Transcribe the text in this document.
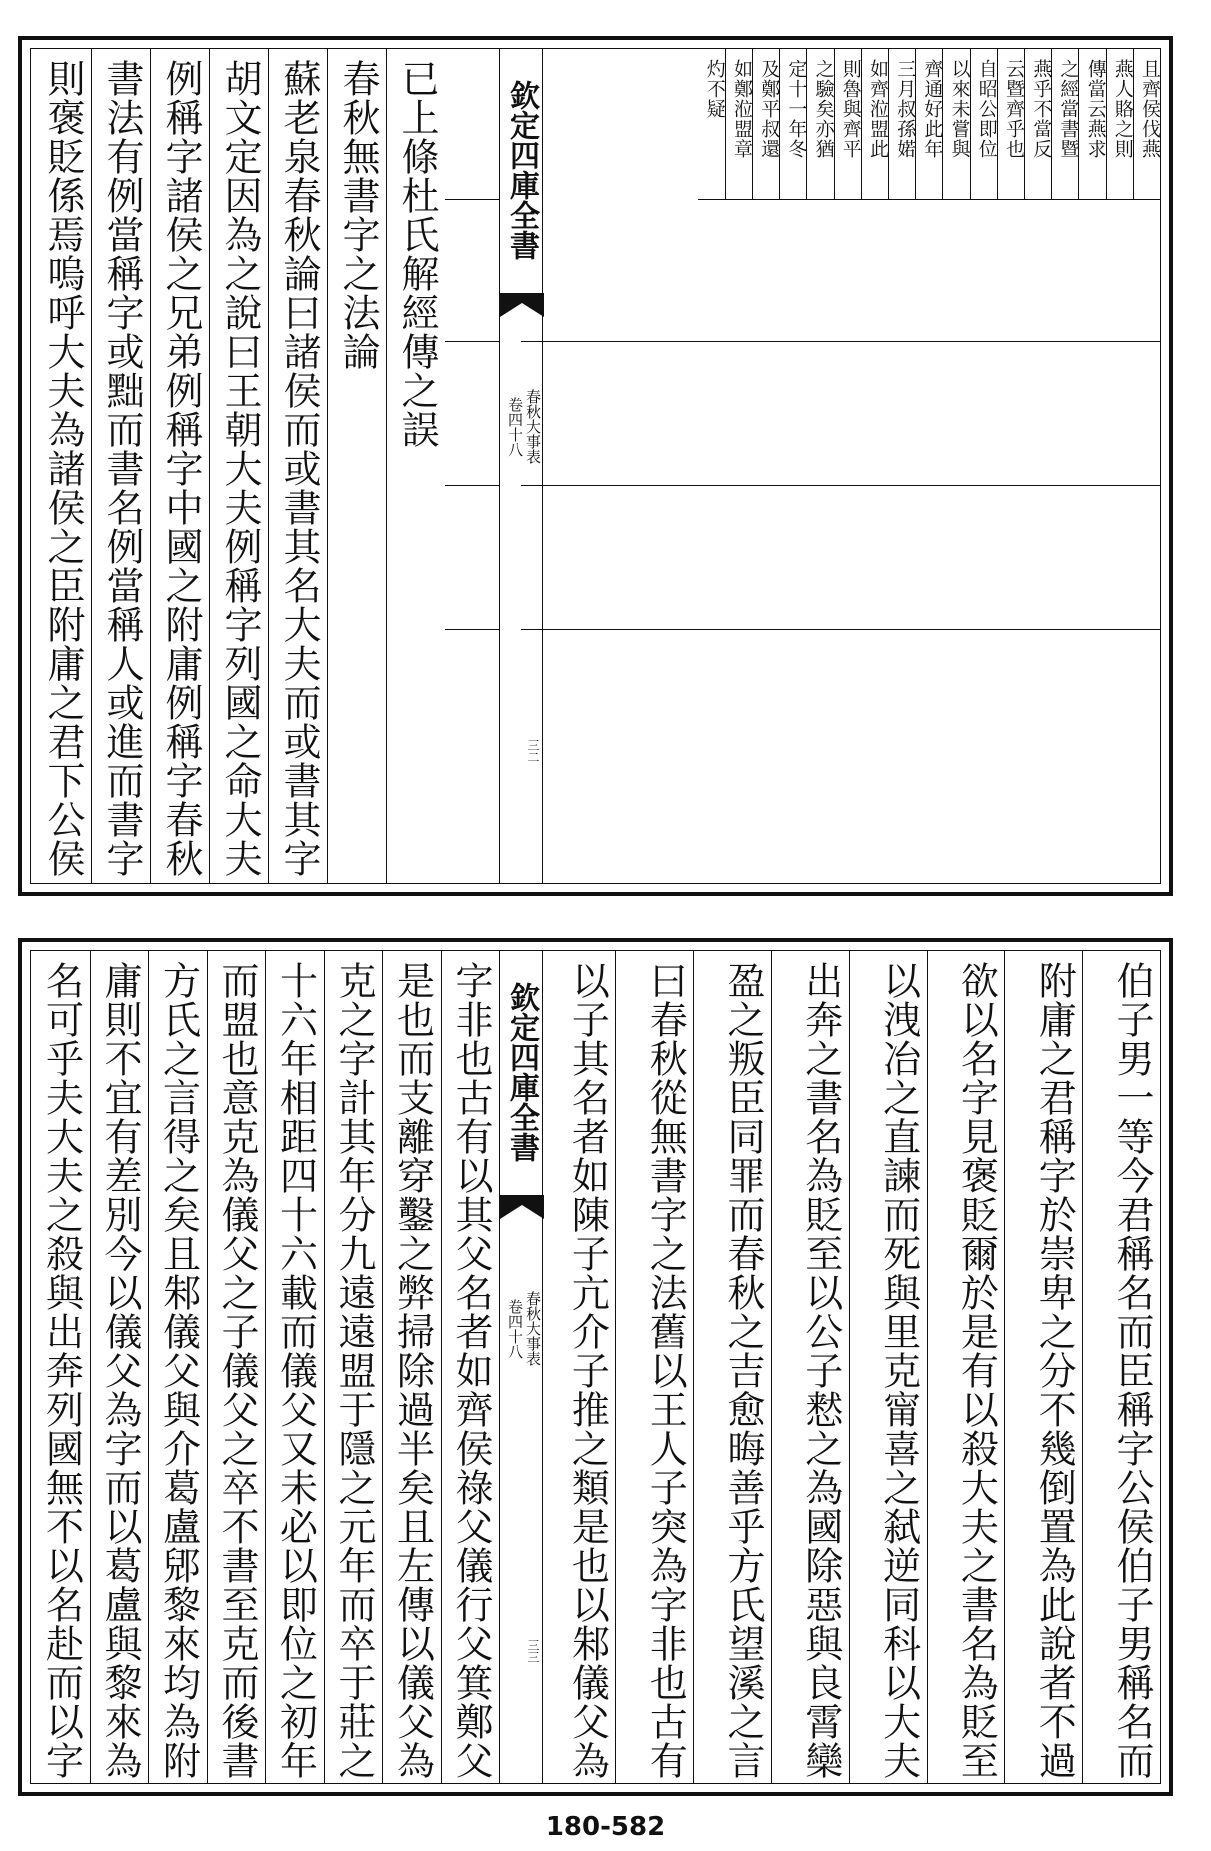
且齊侯伐燕
燕人賂之則
傳當云燕求
之經當書暨
燕乎不當反
云暨齊乎也
自昭公即位
以來未嘗與
齊通好此年
三月叔孫婼
如齊涖盟此
則魯與齊平
之驗矣亦猶
定十一年冬
及鄭平叔還
如鄭涖盟章
灼不疑
欽定四庫全書
春秋大事表
卷四十八
三二
已上條杜氏解經傳之誤
春秋無書字之法論
蘇老泉春秋論曰諸侯而或書其名大夫而或書其字
胡文定因為之說曰王朝大夫例稱字列國之命大夫
例稱字諸侯之兄弟例稱字中國之附庸例稱字春秋
書法有例當稱字或黜而書名例當稱人或進而書字
則褒貶係焉嗚呼大夫為諸侯之臣附庸之君下公侯
字非也古有以其父名者如齊侯祿父儀行父箕鄭父
是也而支離穿鑿之弊掃除過半矣且左傳以儀父為
克之字計其年分九遠遠盟于隱之元年而卒于莊之
十六年相距四十六載而儀父又未必以即位之初年
而盟也意克為儀父之子儀父之卒不書至克而後書
方氏之言得之矣且邾儀父與介葛盧郳黎來均為附
庸則不宜有差別今以儀父為字而以葛盧與黎來為
名可乎夫大夫之殺與出奔列國無不以名赴而以字	欽定四庫全書
春秋大事表
卷四十八
三三	伯子男一等今君稱名而臣稱字公侯伯子男稱名而
附庸之君稱字於崇卑之分不幾倒置為此說者不過
欲以名字見褒貶爾於是有以殺大夫之書名為貶至
以洩冶之直諫而死與里克甯喜之弑逆同科以大夫
出奔之書名為貶至以公子慭之為國除惡與良霄欒
盈之叛臣同罪而春秋之吉愈晦善乎方氏望溪之言
曰春秋從無書字之法舊以王人子突為字非也古有
以子其名者如陳子亢介子推之類是也以邾儀父為
180-582
